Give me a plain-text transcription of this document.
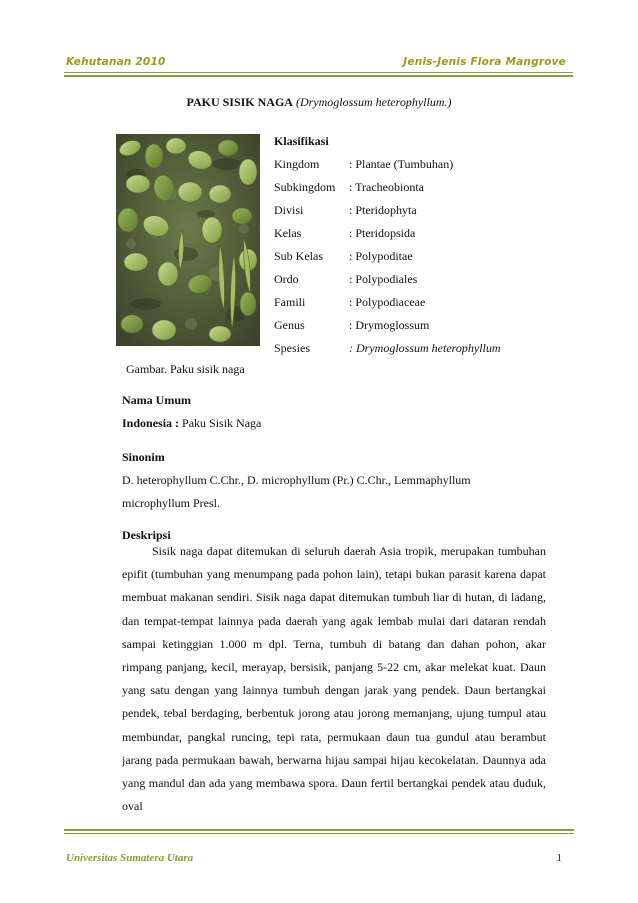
Kehutanan 2010	Jenis-Jenis Flora Mangrove
PAKU SISIK NAGA (Drymoglossum heterophyllum.)
Gambar. Paku sisik naga
Klasifikasi
Kingdom	: Plantae (Tumbuhan)
Subkingdom	: Tracheobionta
Divisi	: Pteridophyta
Kelas	: Pteridopsida
Sub Kelas	: Polypoditae
Ordo	: Polypodiales
Famili	: Polypodiaceae
Genus	: Drymoglossum
Spesies	: Drymoglossum heterophyllum
Nama Umum
Indonesia : Paku Sisik Naga
Sinonim
D. heterophyllum C.Chr., D. microphyllum (Pr.) C.Chr., Lemmaphyllum
microphyllum Presl.
Deskripsi
Sisik naga dapat ditemukan di seluruh daerah Asia tropik, merupakan tumbuhan epifit (tumbuhan yang menumpang pada pohon lain), tetapi bukan parasit karena dapat membuat makanan sendiri. Sisik naga dapat ditemukan tumbuh liar di hutan, di ladang, dan tempat-tempat lainnya pada daerah yang agak lembab mulai dari dataran rendah sampai ketinggian 1.000 m dpl. Terna, tumbuh di batang dan dahan pohon, akar rimpang panjang, kecil, merayap, bersisik, panjang 5-22 cm, akar melekat kuat. Daun yang satu dengan yang lainnya tumbuh dengan jarak yang pendek. Daun bertangkai pendek, tebal berdaging, berbentuk jorong atau jorong memanjang, ujung tumpul atau membundar, pangkal runcing, tepi rata, permukaan daun tua gundul atau berambut jarang pada permukaan bawah, berwarna hijau sampai hijau kecokelatan. Daunnya ada yang mandul dan ada yang membawa spora. Daun fertil bertangkai pendek atau duduk, oval
Universitas Sumatera Utara	1
